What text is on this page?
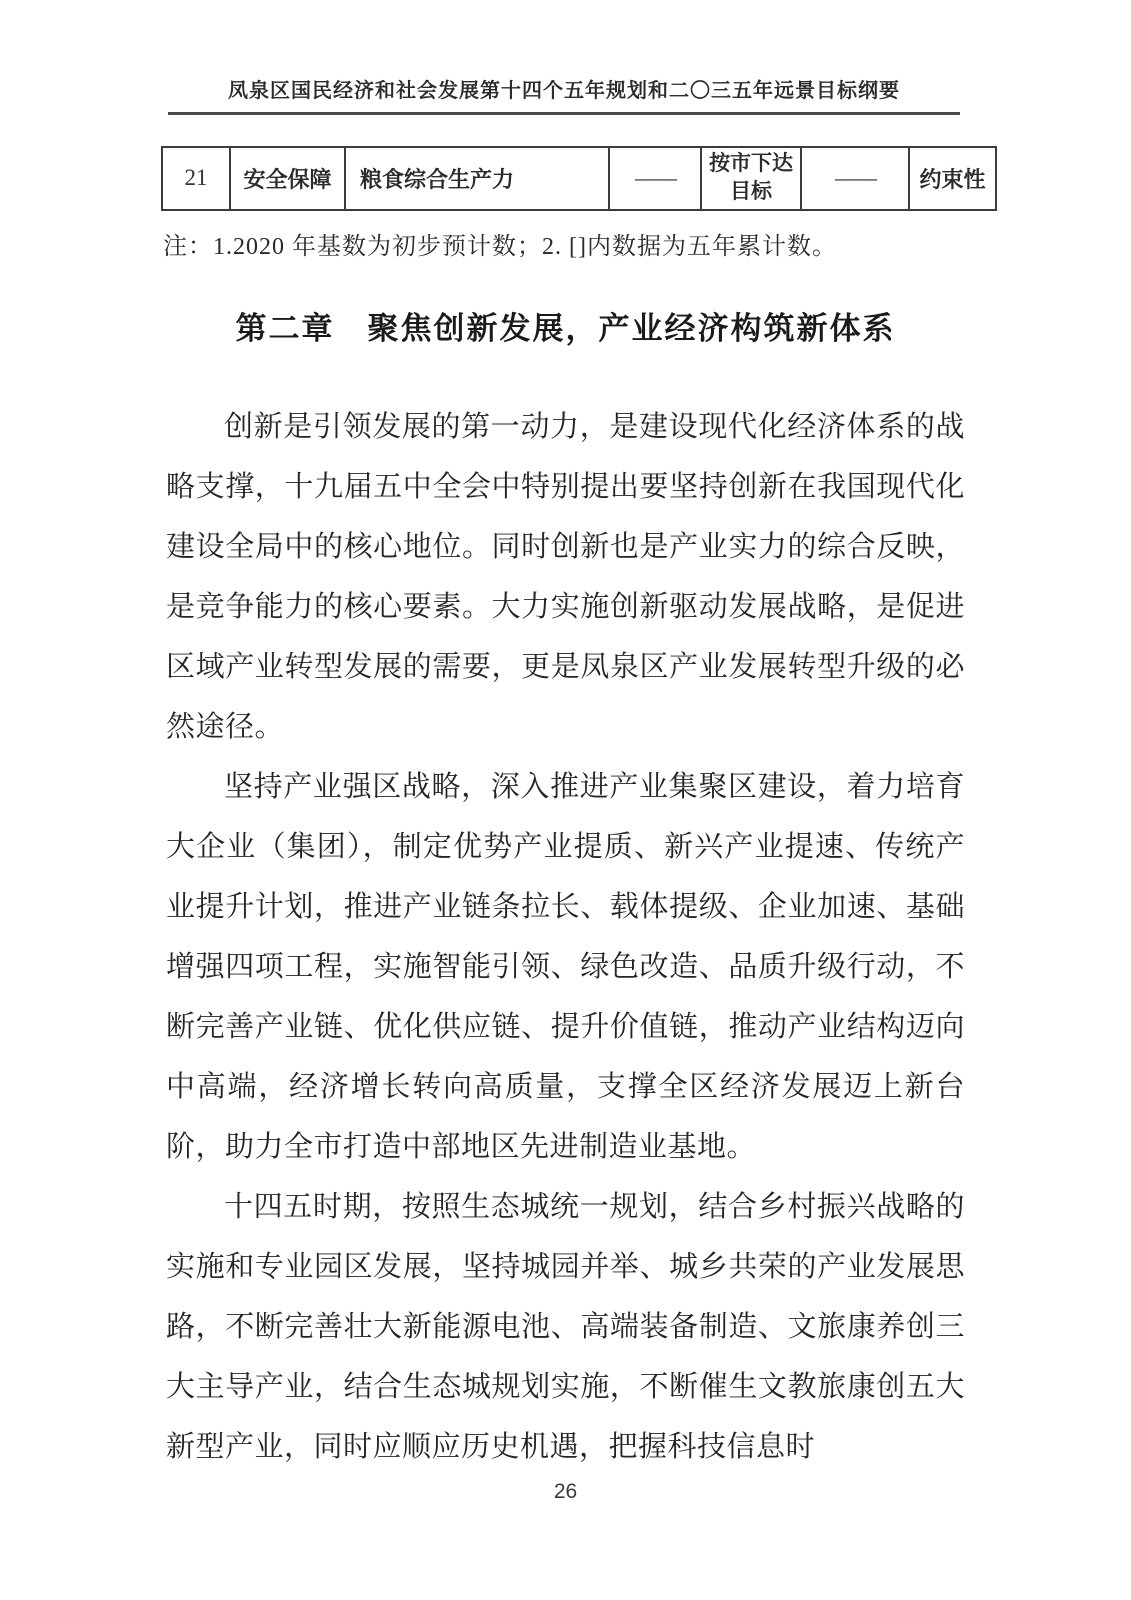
凤泉区国民经济和社会发展第十四个五年规划和二〇三五年远景目标纲要
21	安全保障	粮食综合生产力	——	按市下达目标	——	约束性
注：1.2020 年基数为初步预计数；2. []内数据为五年累计数。
第二章　聚焦创新发展，产业经济构筑新体系

创新是引领发展的第一动力，是建设现代化经济体系的战略支撑，十九届五中全会中特别提出要坚持创新在我国现代化建设全局中的核心地位。同时创新也是产业实力的综合反映，是竞争能力的核心要素。大力实施创新驱动发展战略，是促进区域产业转型发展的需要，更是凤泉区产业发展转型升级的必然途径。

坚持产业强区战略，深入推进产业集聚区建设，着力培育大企业（集团），制定优势产业提质、新兴产业提速、传统产业提升计划，推进产业链条拉长、载体提级、企业加速、基础增强四项工程，实施智能引领、绿色改造、品质升级行动，不断完善产业链、优化供应链、提升价值链，推动产业结构迈向中高端，经济增长转向高质量，支撑全区经济发展迈上新台阶，助力全市打造中部地区先进制造业基地。

十四五时期，按照生态城统一规划，结合乡村振兴战略的实施和专业园区发展，坚持城园并举、城乡共荣的产业发展思路，不断完善壮大新能源电池、高端装备制造、文旅康养创三大主导产业，结合生态城规划实施，不断催生文教旅康创五大新型产业，同时应顺应历史机遇，把握科技信息时

26
